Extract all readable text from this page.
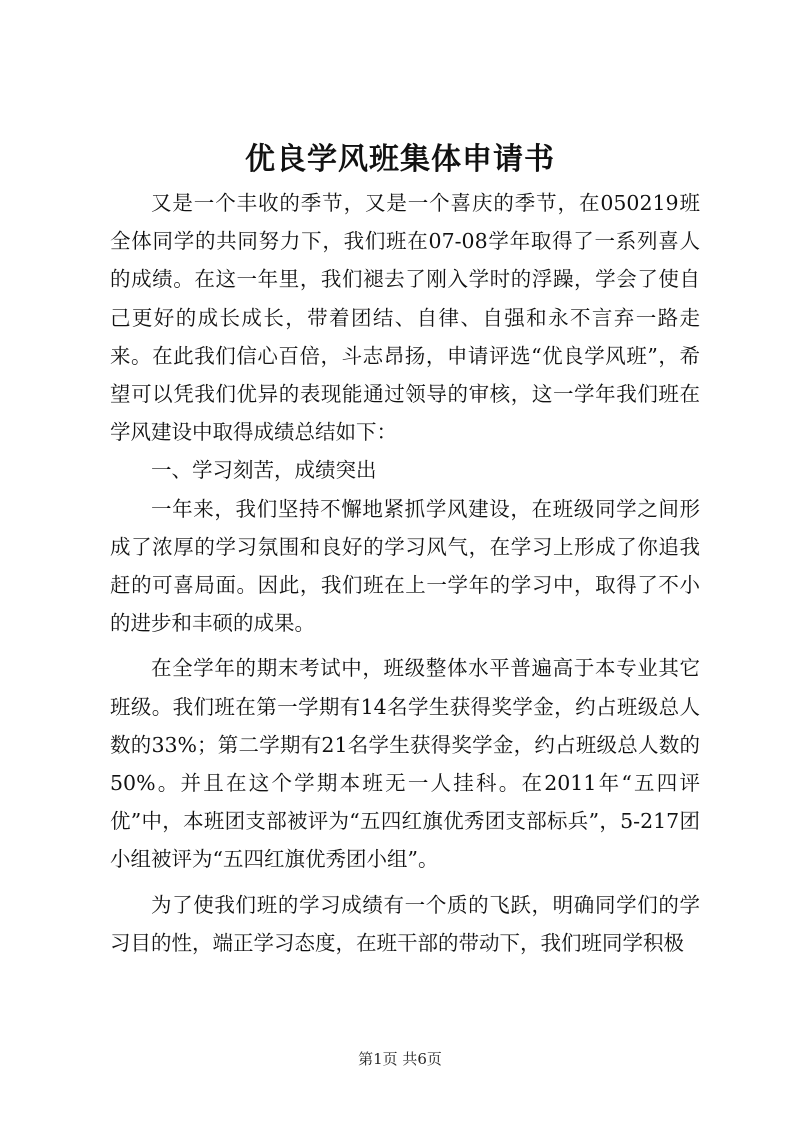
优良学风班集体申请书

又是一个丰收的季节，又是一个喜庆的季节，在050219班全体同学的共同努力下，我们班在07-08学年取得了一系列喜人的成绩。在这一年里，我们褪去了刚入学时的浮躁，学会了使自己更好的成长成长，带着团结、自律、自强和永不言弃一路走来。在此我们信心百倍，斗志昂扬，申请评选“优良学风班”，希望可以凭我们优异的表现能通过领导的审核，这一学年我们班在学风建设中取得成绩总结如下：

一、学习刻苦，成绩突出

一年来，我们坚持不懈地紧抓学风建设，在班级同学之间形成了浓厚的学习氛围和良好的学习风气，在学习上形成了你追我赶的可喜局面。因此，我们班在上一学年的学习中，取得了不小的进步和丰硕的成果。

在全学年的期末考试中，班级整体水平普遍高于本专业其它班级。我们班在第一学期有14名学生获得奖学金，约占班级总人数的33%；第二学期有21名学生获得奖学金，约占班级总人数的50%。并且在这个学期本班无一人挂科。在2011年“五四评优”中，本班团支部被评为“五四红旗优秀团支部标兵”，5-217团小组被评为“五四红旗优秀团小组”。

为了使我们班的学习成绩有一个质的飞跃，明确同学们的学习目的性，端正学习态度，在班干部的带动下，我们班同学积极

第1页 共6页
